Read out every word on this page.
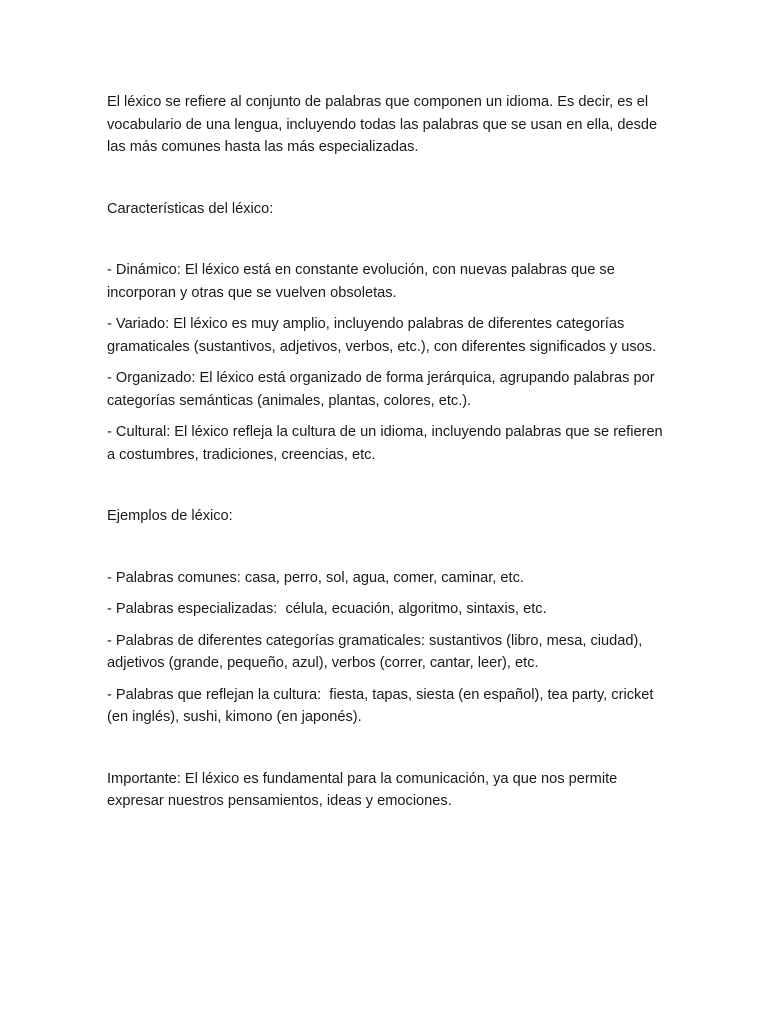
El léxico se refiere al conjunto de palabras que componen un idioma. Es decir, es el vocabulario de una lengua, incluyendo todas las palabras que se usan en ella, desde las más comunes hasta las más especializadas.

Características del léxico:

- Dinámico: El léxico está en constante evolución, con nuevas palabras que se incorporan y otras que se vuelven obsoletas.

- Variado: El léxico es muy amplio, incluyendo palabras de diferentes categorías gramaticales (sustantivos, adjetivos, verbos, etc.), con diferentes significados y usos.

- Organizado: El léxico está organizado de forma jerárquica, agrupando palabras por categorías semánticas (animales, plantas, colores, etc.).

- Cultural: El léxico refleja la cultura de un idioma, incluyendo palabras que se refieren a costumbres, tradiciones, creencias, etc.

Ejemplos de léxico:

- Palabras comunes: casa, perro, sol, agua, comer, caminar, etc.

- Palabras especializadas:  célula, ecuación, algoritmo, sintaxis, etc.

- Palabras de diferentes categorías gramaticales: sustantivos (libro, mesa, ciudad), adjetivos (grande, pequeño, azul), verbos (correr, cantar, leer), etc.

- Palabras que reflejan la cultura:  fiesta, tapas, siesta (en español), tea party, cricket (en inglés), sushi, kimono (en japonés).

Importante: El léxico es fundamental para la comunicación, ya que nos permite expresar nuestros pensamientos, ideas y emociones.
